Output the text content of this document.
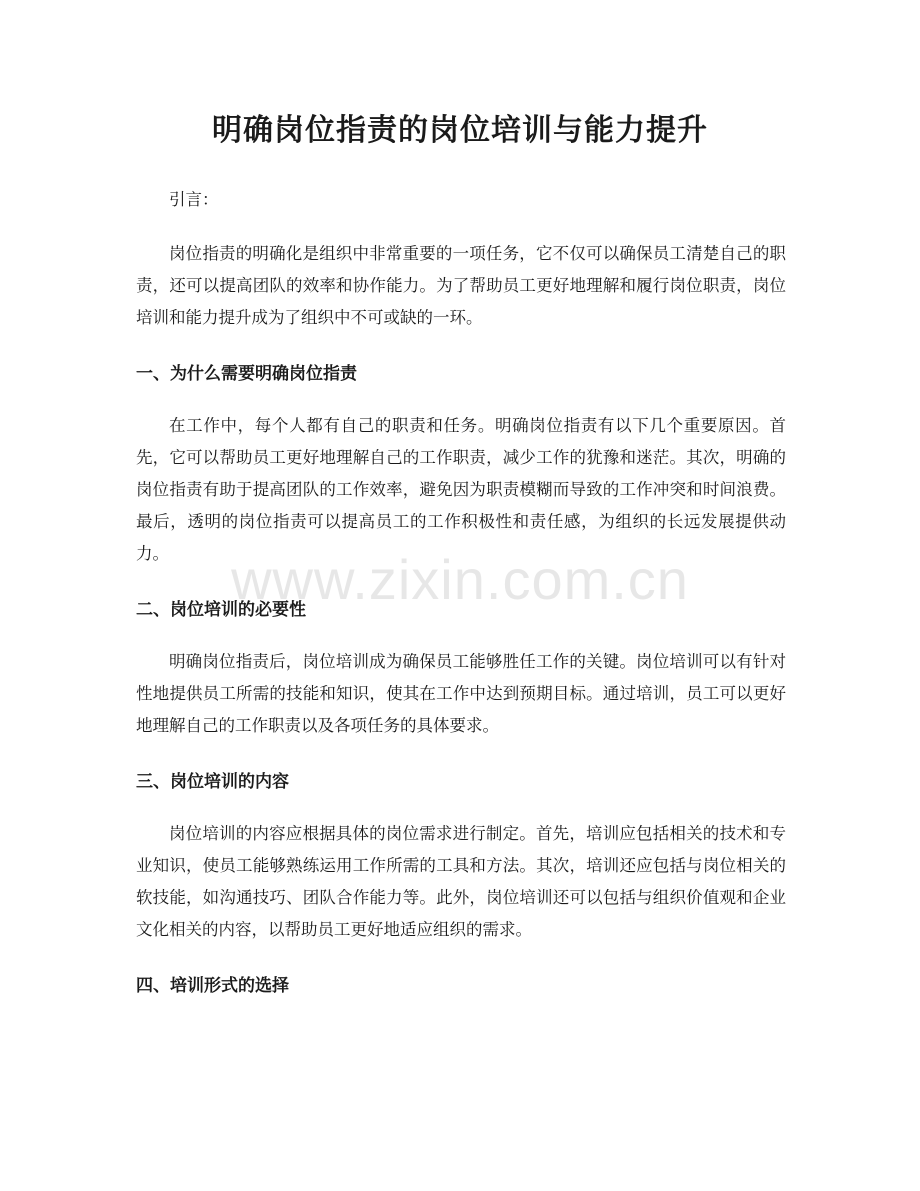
明确岗位指责的岗位培训与能力提升

引言：

岗位指责的明确化是组织中非常重要的一项任务，它不仅可以确保员工清楚自己的职责，还可以提高团队的效率和协作能力。为了帮助员工更好地理解和履行岗位职责，岗位培训和能力提升成为了组织中不可或缺的一环。

一、为什么需要明确岗位指责

在工作中，每个人都有自己的职责和任务。明确岗位指责有以下几个重要原因。首先，它可以帮助员工更好地理解自己的工作职责，减少工作的犹豫和迷茫。其次，明确的岗位指责有助于提高团队的工作效率，避免因为职责模糊而导致的工作冲突和时间浪费。最后，透明的岗位指责可以提高员工的工作积极性和责任感，为组织的长远发展提供动力。

二、岗位培训的必要性

明确岗位指责后，岗位培训成为确保员工能够胜任工作的关键。岗位培训可以有针对性地提供员工所需的技能和知识，使其在工作中达到预期目标。通过培训，员工可以更好地理解自己的工作职责以及各项任务的具体要求。

三、岗位培训的内容

岗位培训的内容应根据具体的岗位需求进行制定。首先，培训应包括相关的技术和专业知识，使员工能够熟练运用工作所需的工具和方法。其次，培训还应包括与岗位相关的软技能，如沟通技巧、团队合作能力等。此外，岗位培训还可以包括与组织价值观和企业文化相关的内容，以帮助员工更好地适应组织的需求。

四、培训形式的选择
www.zixin.com.cn
